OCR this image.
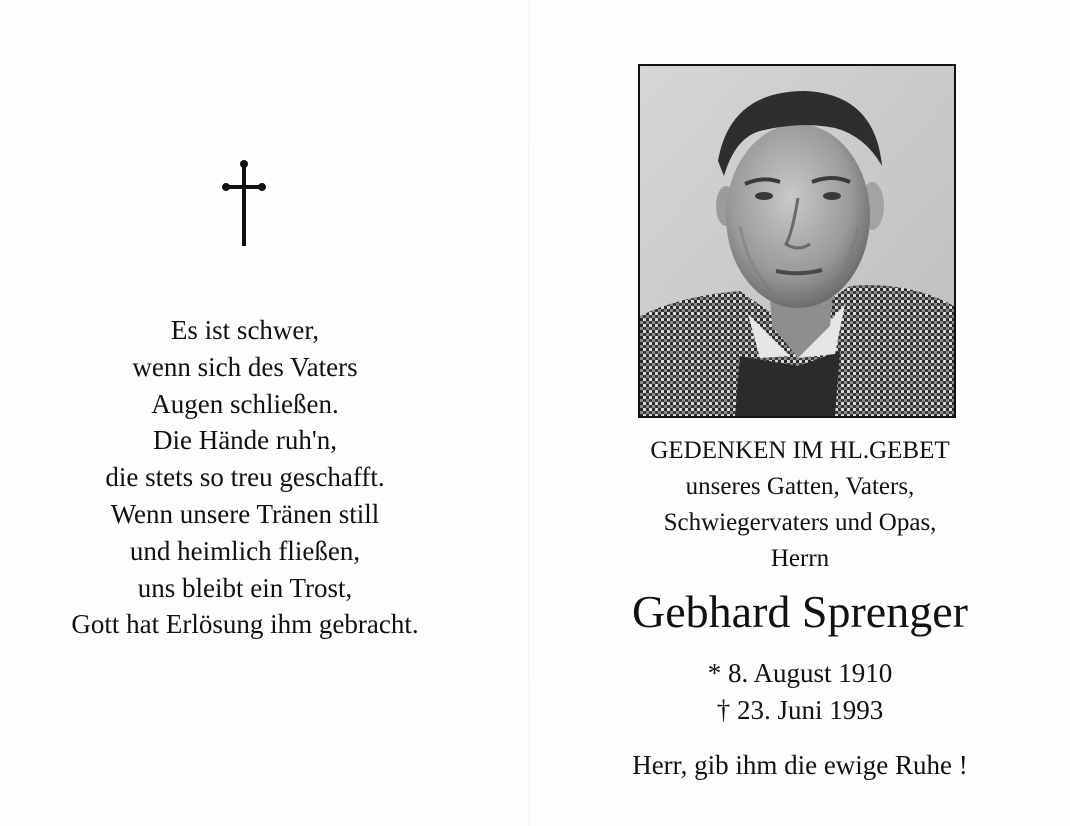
Es ist schwer,
wenn sich des Vaters
Augen schließen.
Die Hände ruh'n,
die stets so treu geschafft.
Wenn unsere Tränen still
und heimlich fließen,
uns bleibt ein Trost,
Gott hat Erlösung ihm gebracht.
GEDENKEN IM HL.GEBET
unseres Gatten, Vaters,
Schwiegervaters und Opas,
Herrn
Gebhard Sprenger
* 8. August 1910
† 23. Juni 1993
Herr, gib ihm die ewige Ruhe !
